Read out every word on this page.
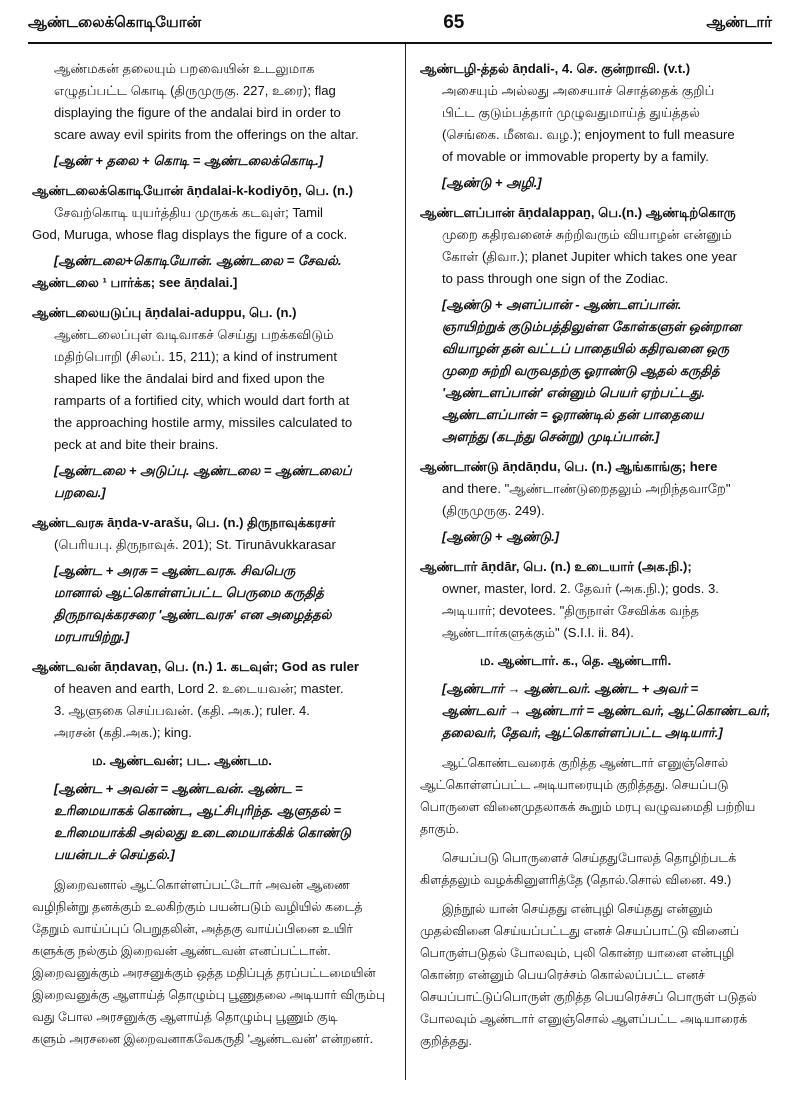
ஆண்டலைக்கொடியோன்	65	ஆண்டார்
ஆண்மகன் தலையும் பறவையின் உடலுமாக
எழுதப்பட்ட கொடி (திருமுருகு. 227, உரை); flag
displaying the figure of the andalai bird in order to
scare away evil spirits from the offerings on the altar.
[ஆண் + தலை + கொடி = ஆண்டலைக்கொடி.]
ஆண்டலைக்கொடியோன் āṇdalai-k-kodiyōṉ, பெ. (n.)
சேவற்கொடி யுயர்த்திய முருகக் கடவுள்; Tamil
God, Muruga, whose flag displays the figure of a cock.
[ஆண்டலை+கொடியோன். ஆண்டலை = சேவல்.
ஆண்டலை ¹ பார்க்க; see āṇdalai.]
ஆண்டலையடுப்பு āṇdalai-aduppu, பெ. (n.)
ஆண்டலைப்புள் வடிவாகச் செய்து பறக்கவிடும்
மதிற்பொறி (சிலப். 15, 211); a kind of instrument
shaped like the āndalai bird and fixed upon the
ramparts of a fortified city, which would dart forth at
the approaching hostile army, missiles calculated to
peck at and bite their brains.
[ஆண்டலை + அடுப்பு. ஆண்டலை = ஆண்டலைப்
பறவை.]
ஆண்டவரசு āṇda-v-arašu, பெ. (n.) திருநாவுக்கரசர்
(பெரியபு. திருநாவுக். 201); St. Tirunāvukkarasar
[ஆண்ட + அரசு = ஆண்டவரசு. சிவபெரு
மானால் ஆட்கொள்ளப்பட்ட பெருமை கருதித்
திருநாவுக்கரசரை 'ஆண்டவரசு' என அழைத்தல்
மரபாயிற்று.]
ஆண்டவன் āṇdavaṉ, பெ. (n.) 1. கடவுள்; God as ruler
of heaven and earth, Lord 2. உடையவன்; master.
3. ஆளுகை செய்பவன். (கதி. அக.); ruler. 4.
அரசன் (கதி.அக.); king.
ம. ஆண்டவன்; பட. ஆண்டம.
[ஆண்ட + அவன் = ஆண்டவன். ஆண்ட =
உரிமையாகக் கொண்ட, ஆட்சிபுரிந்த. ஆளுதல் =
உரிமையாக்கி அல்லது உடைமையாக்கிக் கொண்டு
பயன்படச் செய்தல்.]
இறைவனால் ஆட்கொள்ளப்பட்டோர் அவன் ஆணை
வழிநின்று தனக்கும் உலகிற்கும் பயன்படும் வழியில் கடைத்
தேறும் வாய்ப்புப் பெறுதலின், அத்தகு வாய்ப்பினை உயிர்
களுக்கு நல்கும் இறைவன் ஆண்டவன் எனப்பட்டான்.
இறைவனுக்கும் அரசனுக்கும் ஒத்த மதிப்புத் தரப்பட்டமையின்
இறைவனுக்கு ஆளாய்த் தொழும்பு பூணுதலை அடியார் விரும்பு
வது போல அரசனுக்கு ஆளாய்த் தொழும்பு பூணும் குடி
களும் அரசனை இறைவனாகவேகருதி 'ஆண்டவன்' என்றனர்.
ஆண்டழி-த்தல் āṇdali-, 4. செ. குன்றாவி. (v.t.)
அசையும் அல்லது அசையாச் சொத்தைக் குறிப்
பிட்ட குடும்பத்தார் முழுவதுமாய்த் துய்த்தல்
(செங்கை. மீனவ. வழ.); enjoyment to full measure
of movable or immovable property by a family.
[ஆண்டு + அழி.]
ஆண்டளப்பான் āṇdalappaṉ, பெ.(n.) ஆண்டிற்கொரு
முறை கதிரவனைச் சுற்றிவரும் வியாழன் என்னும்
கோள் (திவா.); planet Jupiter which takes one year
to pass through one sign of the Zodiac.
[ஆண்டு + அளப்பான் - ஆண்டளப்பான்.
ஞாயிற்றுக் குடும்பத்திலுள்ள கோள்களுள் ஒன்றான
வியாழன் தன் வட்டப் பாதையில் கதிரவனை ஒரு
முறை சுற்றி வருவதற்கு ஓராண்டு ஆதல் கருதித்
'ஆண்டளப்பான்' என்னும் பெயர் ஏற்பட்டது.
ஆண்டளப்பான் = ஓராண்டில் தன் பாதையை
அளந்து (கடந்து சென்று) முடிப்பான்.]
ஆண்டாண்டு āṇdāṇdu, பெ. (n.) ஆங்காங்கு; here
and there. "ஆண்டாண்டுறைதலும் அறிந்தவாறே"
(திருமுருகு. 249).
[ஆண்டு + ஆண்டு.]
ஆண்டார் āṇdār, பெ. (n.) உடையார் (அக.நி.);
owner, master, lord. 2. தேவர் (அக.நி.); gods. 3.
அடியார்; devotees. "திருநாள் சேவிக்க வந்த
ஆண்டார்களுக்கும்" (S.I.I. ii. 84).
ம. ஆண்டார். க., தெ. ஆண்டாரி.
[ஆண்டார் → ஆண்டவர். ஆண்ட + அவர் =
ஆண்டவர் → ஆண்டார் = ஆண்டவர், ஆட்கொண்டவர்,
தலைவர், தேவர், ஆட்கொள்ளப்பட்ட அடியார்.]
ஆட்கொண்டவரைக் குறித்த ஆண்டார் எனுஞ்சொல்
ஆட்கொள்ளப்பட்ட அடியாரையும் குறித்தது. செயப்படு
பொருளை வினைமுதலாகக் கூறும் மரபு வழுவமைதி பற்றிய
தாகும்.
செயப்படு பொருளைச் செய்ததுபோலத் தொழிற்படக்
கிளத்தலும் வழக்கினுளரித்தே (தொல்.சொல் வினை. 49.)
இந்நூல் யான் செய்தது என்புழி செய்தது என்னும்
முதல்வினை செய்யப்பட்டது எனச் செயப்பாட்டு வினைப்
பொருள்படுதல் போலவும், புலி கொன்ற யானை என்புழி
கொன்ற என்னும் பெயரெச்சம் கொல்லப்பட்ட எனச்
செயப்பாட்டுப்பொருள் குறித்த பெயரெச்சப் பொருள் படுதல்
போலவும் ஆண்டார் எனுஞ்சொல் ஆளப்பட்ட அடியாரைக்
குறித்தது.
